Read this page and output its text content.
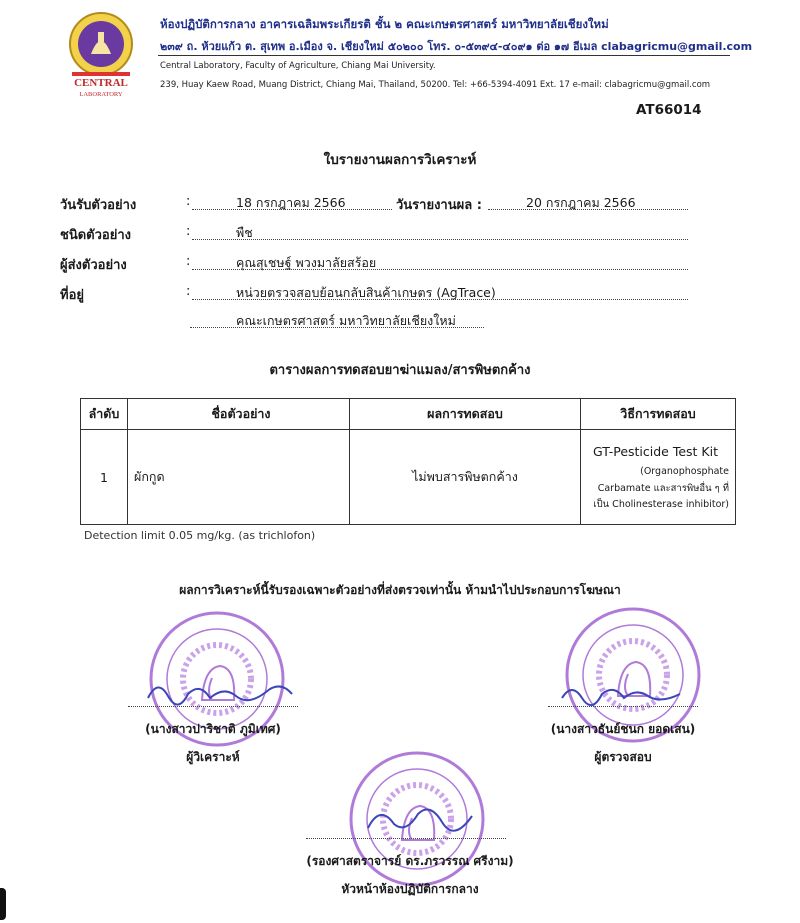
CENTRAL
LABORATORY
ห้องปฏิบัติการกลาง อาคารเฉลิมพระเกียรติ ชั้น ๒ คณะเกษตรศาสตร์ มหาวิทยาลัยเชียงใหม่
๒๓๙ ถ. ห้วยแก้ว ต. สุเทพ อ.เมือง จ. เชียงใหม่ ๕๐๒๐๐ โทร. ๐-๕๓๙๔-๔๐๙๑ ต่อ ๑๗ อีเมล clabagricmu@gmail.com
Central Laboratory, Faculty of Agriculture, Chiang Mai University.
239, Huay Kaew Road, Muang District, Chiang Mai, Thailand, 50200. Tel: +66-5394-4091 Ext. 17 e-mail: clabagricmu@gmail.com
AT66014
ใบรายงานผลการวิเคราะห์
วันรับตัวอย่าง	:	18 กรกฎาคม 2566	วันรายงานผล :	20 กรกฎาคม 2566
ชนิดตัวอย่าง	:	พืช
ผู้ส่งตัวอย่าง	:	คุณสุเชษฐ์ พวงมาลัยสร้อย
ที่อยู่	:	หน่วยตรวจสอบย้อนกลับสินค้าเกษตร (AgTrace)
คณะเกษตรศาสตร์ มหาวิทยาลัยเชียงใหม่
ตารางผลการทดสอบยาฆ่าแมลง/สารพิษตกค้าง
ลำดับ	ชื่อตัวอย่าง	ผลการทดสอบ	วิธีการทดสอบ
1	ผักกูด	ไม่พบสารพิษตกค้าง	GT-Pesticide Test Kit
(Organophosphate
Carbamate และสารพิษอื่น ๆ ที่
เป็น Cholinesterase inhibitor)
Detection limit 0.05 mg/kg. (as trichlofon)
ผลการวิเคราะห์นี้รับรองเฉพาะตัวอย่างที่ส่งตรวจเท่านั้น ห้ามนำไปประกอบการโฆษณา
(นางสาวปาริชาติ ภูมิเทศ)
ผู้วิเคราะห์
(นางสาวธันย์ชนก ยอดเสน)
ผู้ตรวจสอบ
(รองศาสตราจารย์ ดร.ภรวรรณ ศรีงาม)
หัวหน้าห้องปฏิบัติการกลาง
